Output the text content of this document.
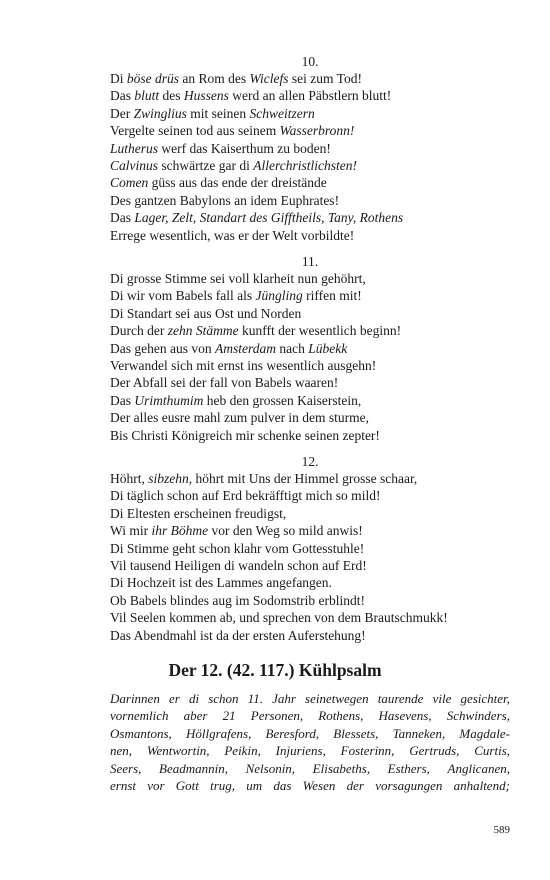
10.
Di böse drüs an Rom des Wiclefs sei zum Tod!
Das blutt des Hussens werd an allen Päbstlern blutt!
Der Zwinglius mit seinen Schweitzern
Vergelte seinen tod aus seinem Wasserbronn!
Lutherus werf das Kaiserthum zu boden!
Calvinus schwärtze gar di Allerchristlichsten!
Comen güss aus das ende der dreistände
Des gantzen Babylons an idem Euphrates!
Das Lager, Zelt, Standart des Gifftheils, Tany, Rothens
Errege wesentlich, was er der Welt vorbildte!
11.
Di grosse Stimme sei voll klarheit nun gehöhrt,
Di wir vom Babels fall als Jüngling riffen mit!
Di Standart sei aus Ost und Norden
Durch der zehn Stämme kunfft der wesentlich beginn!
Das gehen aus von Amsterdam nach Lübekk
Verwandel sich mit ernst ins wesentlich ausgehn!
Der Abfall sei der fall von Babels waaren!
Das Urimthumim heb den grossen Kaiserstein,
Der alles eusre mahl zum pulver in dem sturme,
Bis Christi Königreich mir schenke seinen zepter!
12.
Höhrt, sibzehn, höhrt mit Uns der Himmel grosse schaar,
Di täglich schon auf Erd bekräfftigt mich so mild!
Di Eltesten erscheinen freudigst,
Wi mir ihr Böhme vor den Weg so mild anwis!
Di Stimme geht schon klahr vom Gottesstuhle!
Vil tausend Heiligen di wandeln schon auf Erd!
Di Hochzeit ist des Lammes angefangen.
Ob Babels blindes aug im Sodomstrib erblindt!
Vil Seelen kommen ab, und sprechen von dem Brautschmukk!
Das Abendmahl ist da der ersten Auferstehung!
Der 12. (42. 117.) Kühlpsalm
Darinnen er di schon 11. Jahr seinetwegen taurende vile gesichter,
vornemlich aber 21 Personen, Rothens, Hasevens, Schwinders,
Osmantons, Höllgrafens, Beresford, Blessets, Tanneken, Magdale-
nen, Wentwortin, Peikin, Injuriens, Fosterinn, Gertruds, Curtis,
Seers, Beadmannin, Nelsonin, Elisabeths, Esthers, Anglicanen,
ernst vor Gott trug, um das Wesen der vorsagungen anhaltend;
589
